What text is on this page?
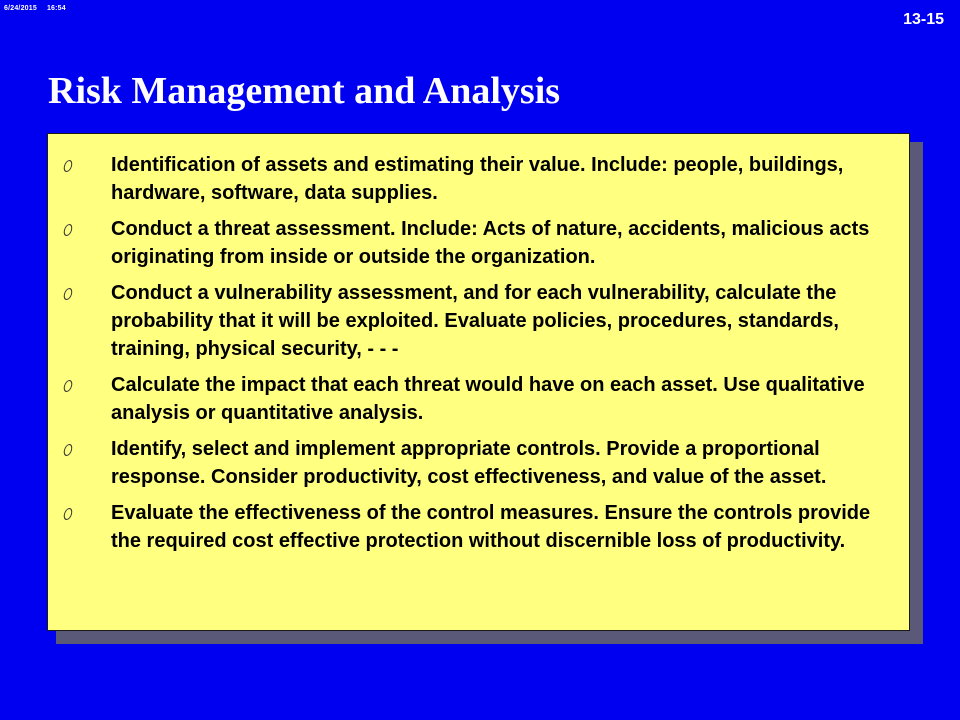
6/24/2015 16:54
13-15
Risk Management and Analysis
Identification of assets and estimating their value. Include: people, buildings, hardware, software, data supplies.
Conduct a threat assessment. Include: Acts of nature, accidents, malicious acts originating from inside or outside the organization.
Conduct a vulnerability assessment, and for each vulnerability, calculate the probability that it will be exploited. Evaluate policies, procedures, standards, training, physical security, - - -
Calculate the impact that each threat would have on each asset. Use qualitative analysis or quantitative analysis.
Identify, select and implement appropriate controls. Provide a proportional response. Consider productivity, cost effectiveness, and value of the asset.
Evaluate the effectiveness of the control measures. Ensure the controls provide the required cost effective protection without discernible loss of productivity.
